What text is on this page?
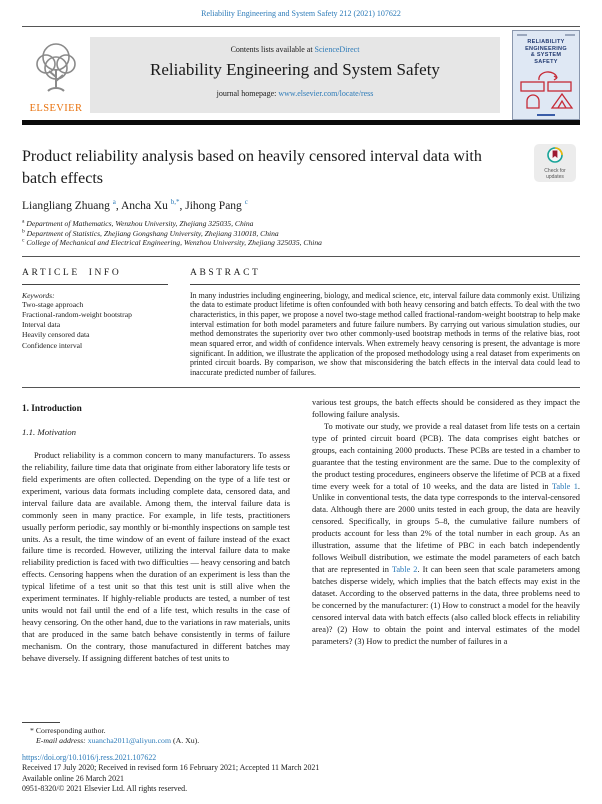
Reliability Engineering and System Safety 212 (2021) 107622
ELSEVIER
Contents lists available at ScienceDirect
Reliability Engineering and System Safety
journal homepage: www.elsevier.com/locate/ress
RELIABILITY
ENGINEERING
& SYSTEM
SAFETY
Product reliability analysis based on heavily censored interval data with
batch effects	Check for
updates
Liangliang Zhuang $^a$, Ancha Xu $^{b,*}$, Jihong Pang $^c$
$^a$ Department of Mathematics, Wenzhou University, Zhejiang 325035, China
$^b$ Department of Statistics, Zhejiang Gongshang University, Zhejiang 310018, China
$^c$ College of Mechanical and Electrical Engineering, Wenzhou University, Zhejiang 325035, China
ARTICLE INFO
Keywords:
Two-stage approach
Fractional-random-weight bootstrap
Interval data
Heavily censored data
Confidence interval
ABSTRACT
In many industries including engineering, biology, and medical science, etc, interval failure data commonly exist. Utilizing the data to estimate product lifetime is often confounded with both heavy censoring and batch effects. To deal with the two characteristics, in this paper, we propose a novel two-stage method called fractional-random-weight bootstrap to help make interval estimation for both model parameters and future failure numbers. By carrying out various simulation studies, our method demonstrates the superiority over two other commonly-used bootstrap methods in terms of the relative bias, root mean squared error, and width of confidence intervals. When extremely heavy censoring is present, the advantage is more significant. In addition, we illustrate the application of the proposed methodology using a real dataset from experiments on printed circuit boards. By comparison, we show that misconsidering the batch effects in the interval data could lead to inaccurate predicted number of failures.
1. Introduction
1.1. Motivation
Product reliability is a common concern to many manufacturers. To assess the reliability, failure time data that originate from either laboratory life tests or field experiments are often collected. Depending on the type of a life test or experiment, various data formats including complete data, censored data, and interval failure data are available. Among them, the interval failure data is commonly seen in many practice. For example, in life tests, practitioners usually perform periodic, say monthly or bi-monthly inspections on sample test units. As a result, the time window of an event of failure instead of the exact failure time is recorded. However, utilizing the interval failure data to make reliability prediction is faced with two difficulties — heavy censoring and batch effects. Censoring happens when the duration of an experiment is less than the typical lifetime of a test unit so that this test unit is still alive when the experiment terminates. If highly-reliable products are tested, a number of test units would not fail until the end of a life test, which results in the case of heavy censoring. On the other hand, due to the variations in raw materials, units that are produced in the same batch behave consistently in terms of failure mechanism. On the contrary, those manufactured in different batches may behave diversely. If assigning different batches of test units to
various test groups, the batch effects should be considered as they impact the following failure analysis.
To motivate our study, we provide a real dataset from life tests on a certain type of printed circuit board (PCB). The data comprises eight batches or groups, each containing 2000 products. These PCBs are tested in a chamber to guarantee that the testing environment are the same. Due to the complexity of the product testing procedures, engineers observe the lifetime of PCB at a fixed time every week for a total of 10 weeks, and the data are listed in Table 1. Unlike in conventional tests, the data type corresponds to the interval-censored data. Although there are 2000 units tested in each group, the data are heavily censored. Specifically, in groups 5–8, the cumulative failure numbers of products account for less than 2% of the total number in each group. As an illustration, assume that the lifetime of PBC in each batch independently follows Weibull distribution, we estimate the model parameters of each batch that are represented in Table 2. It can been seen that scale parameters among batches disperse widely, which implies that the batch effects may exist in the dataset. According to the observed patterns in the data, three problems need to be concerned by the manufacturer: (1) How to construct a model for the heavily censored interval data with batch effects (also called block effects in reliability area)? (2) How to obtain the point and interval estimates of the model parameters? (3) How to predict the number of failures in a
* Corresponding author.
E-mail address: xuancha2011@aliyun.com (A. Xu).
https://doi.org/10.1016/j.ress.2021.107622
Received 17 July 2020; Received in revised form 16 February 2021; Accepted 11 March 2021
Available online 26 March 2021
0951-8320/© 2021 Elsevier Ltd. All rights reserved.
